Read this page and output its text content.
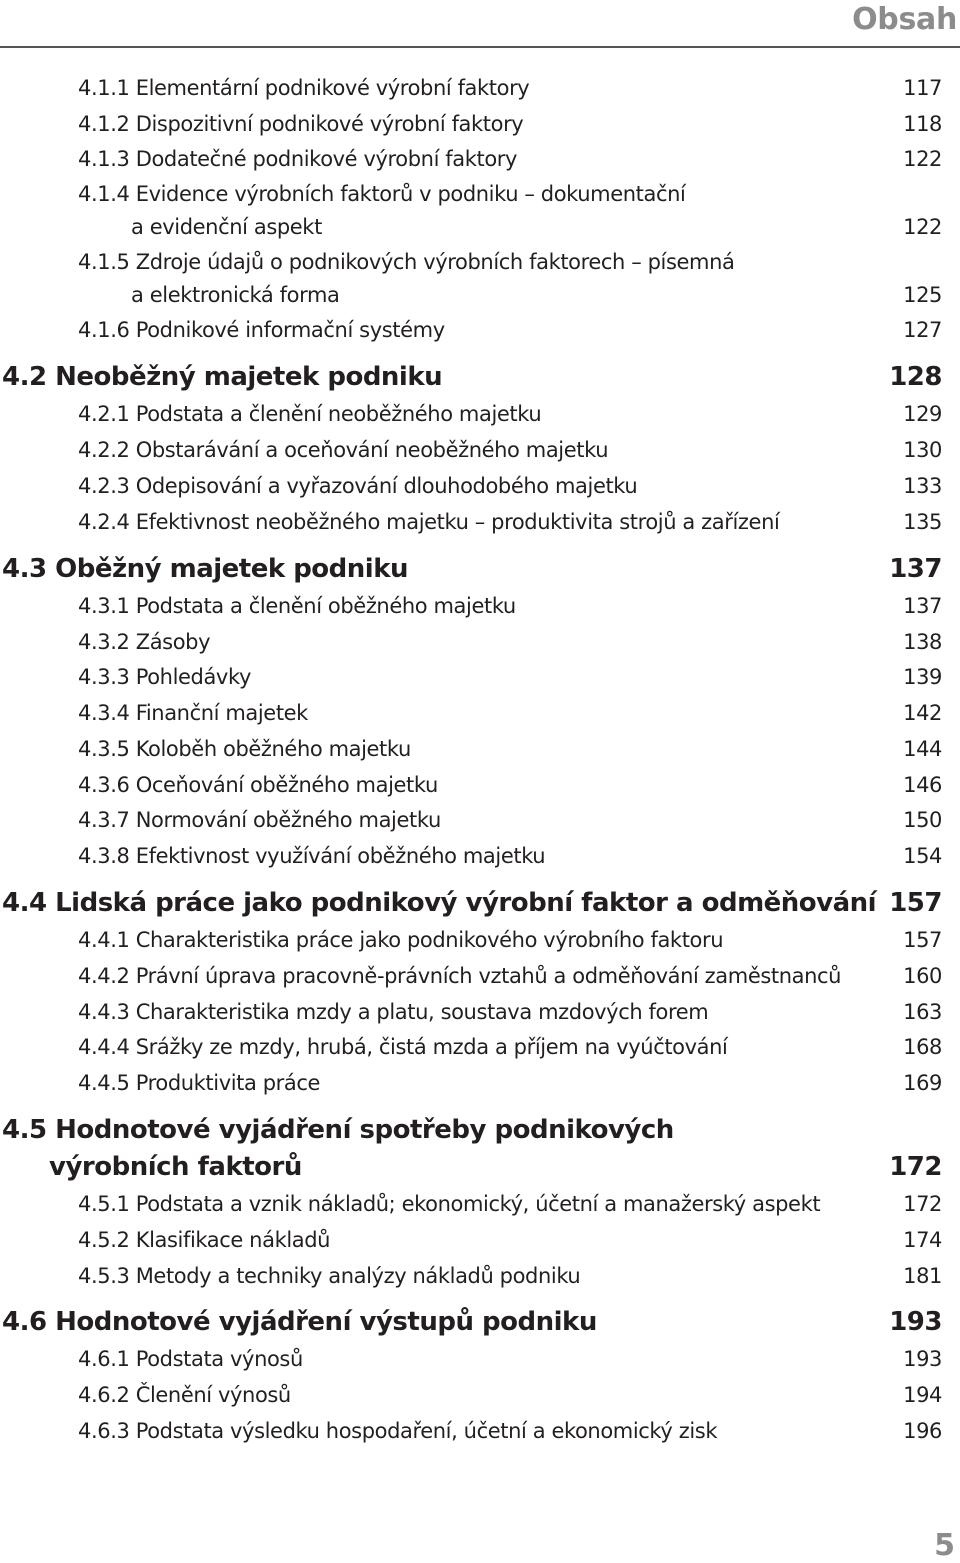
Obsah
4.1.1 Elementární podnikové výrobní faktory	117
4.1.2 Dispozitivní podnikové výrobní faktory	118
4.1.3 Dodatečné podnikové výrobní faktory	122
4.1.4 Evidence výrobních faktorů v podniku – dokumentační
a evidenční aspekt	122
4.1.5 Zdroje údajů o podnikových výrobních faktorech – písemná
a elektronická forma	125
4.1.6 Podnikové informační systémy	127
4.2 Neoběžný majetek podniku	128
4.2.1 Podstata a členění neoběžného majetku	129
4.2.2 Obstarávání a oceňování neoběžného majetku	130
4.2.3 Odepisování a vyřazování dlouhodobého majetku	133
4.2.4 Efektivnost neoběžného majetku – produktivita strojů a zařízení	135
4.3 Oběžný majetek podniku	137
4.3.1 Podstata a členění oběžného majetku	137
4.3.2 Zásoby	138
4.3.3 Pohledávky	139
4.3.4 Finanční majetek	142
4.3.5 Koloběh oběžného majetku	144
4.3.6 Oceňování oběžného majetku	146
4.3.7 Normování oběžného majetku	150
4.3.8 Efektivnost využívání oběžného majetku	154
4.4 Lidská práce jako podnikový výrobní faktor a odměňování 157
4.4.1 Charakteristika práce jako podnikového výrobního faktoru	157
4.4.2 Právní úprava pracovně-právních vztahů a odměňování zaměstnanců	160
4.4.3 Charakteristika mzdy a platu, soustava mzdových forem	163
4.4.4 Srážky ze mzdy, hrubá, čistá mzda a příjem na vyúčtování	168
4.4.5 Produktivita práce	169
4.5 Hodnotové vyjádření spotřeby podnikových
výrobních faktorů	172
4.5.1 Podstata a vznik nákladů; ekonomický, účetní a manažerský aspekt	172
4.5.2 Klasifikace nákladů	174
4.5.3 Metody a techniky analýzy nákladů podniku	181
4.6 Hodnotové vyjádření výstupů podniku	193
4.6.1 Podstata výnosů	193
4.6.2 Členění výnosů	194
4.6.3 Podstata výsledku hospodaření, účetní a ekonomický zisk	196
5
